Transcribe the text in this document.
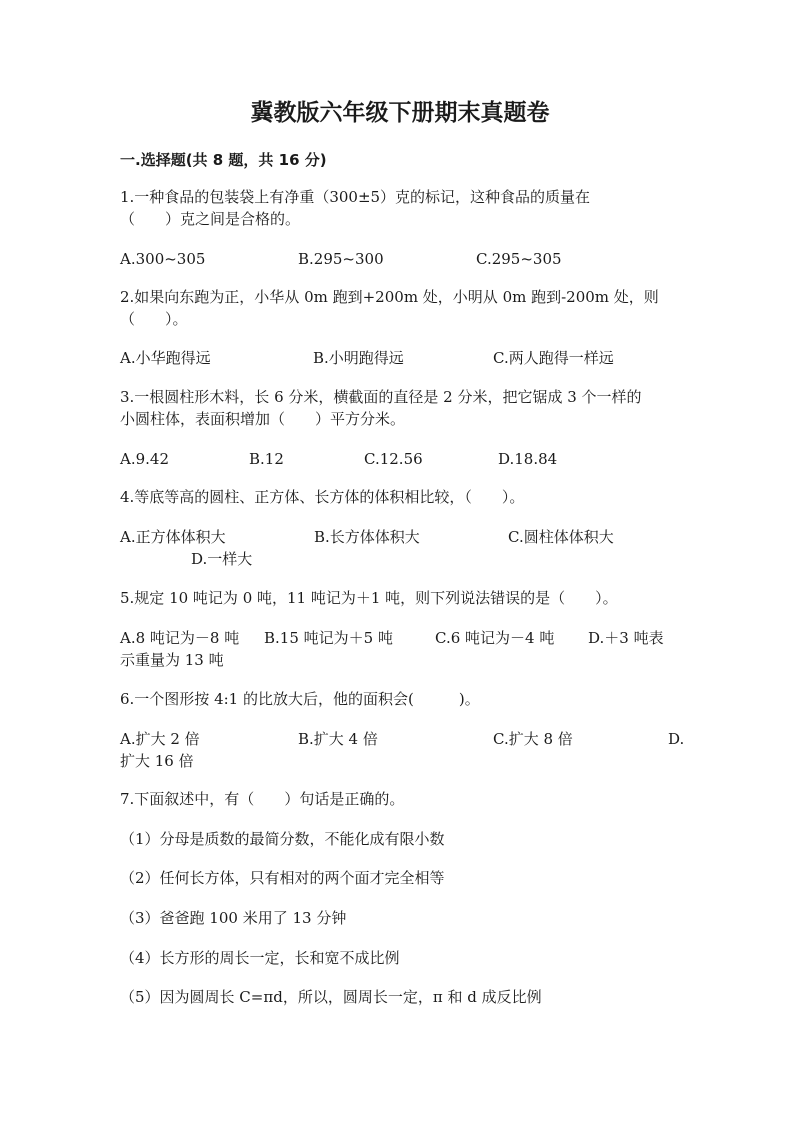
冀教版六年级下册期末真题卷
一.选择题(共 8 题，共 16 分)
1.一种食品的包装袋上有净重（300±5）克的标记，这种食品的质量在
（　　）克之间是合格的。
A.300~305	B.295~300	C.295~305
2.如果向东跑为正，小华从 0m 跑到+200m 处，小明从 0m 跑到-200m 处，则
（　　）。
A.小华跑得远	B.小明跑得远	C.两人跑得一样远
3.一根圆柱形木料，长 6 分米，横截面的直径是 2 分米，把它锯成 3 个一样的
小圆柱体，表面积增加（　　）平方分米。
A.9.42	B.12	C.12.56	D.18.84
4.等底等高的圆柱、正方体、长方体的体积相比较，（　　）。
A.正方体体积大	B.长方体体积大	C.圆柱体体积大
D.一样大
5.规定 10 吨记为 0 吨，11 吨记为＋1 吨，则下列说法错误的是（　　）。
A.8 吨记为－8 吨 B.15 吨记为＋5 吨	C.6 吨记为－4 吨 D.＋3 吨表
示重量为 13 吨
6.一个图形按 4:1 的比放大后，他的面积会(　　　)。
A.扩大 2 倍	B.扩大 4 倍	C.扩大 8 倍	D.
扩大 16 倍
7.下面叙述中，有（　　）句话是正确的。
（1）分母是质数的最简分数，不能化成有限小数
（2）任何长方体，只有相对的两个面才完全相等
（3）爸爸跑 100 米用了 13 分钟
（4）长方形的周长一定，长和宽不成比例
（5）因为圆周长 C=πd，所以，圆周长一定，π 和 d 成反比例
